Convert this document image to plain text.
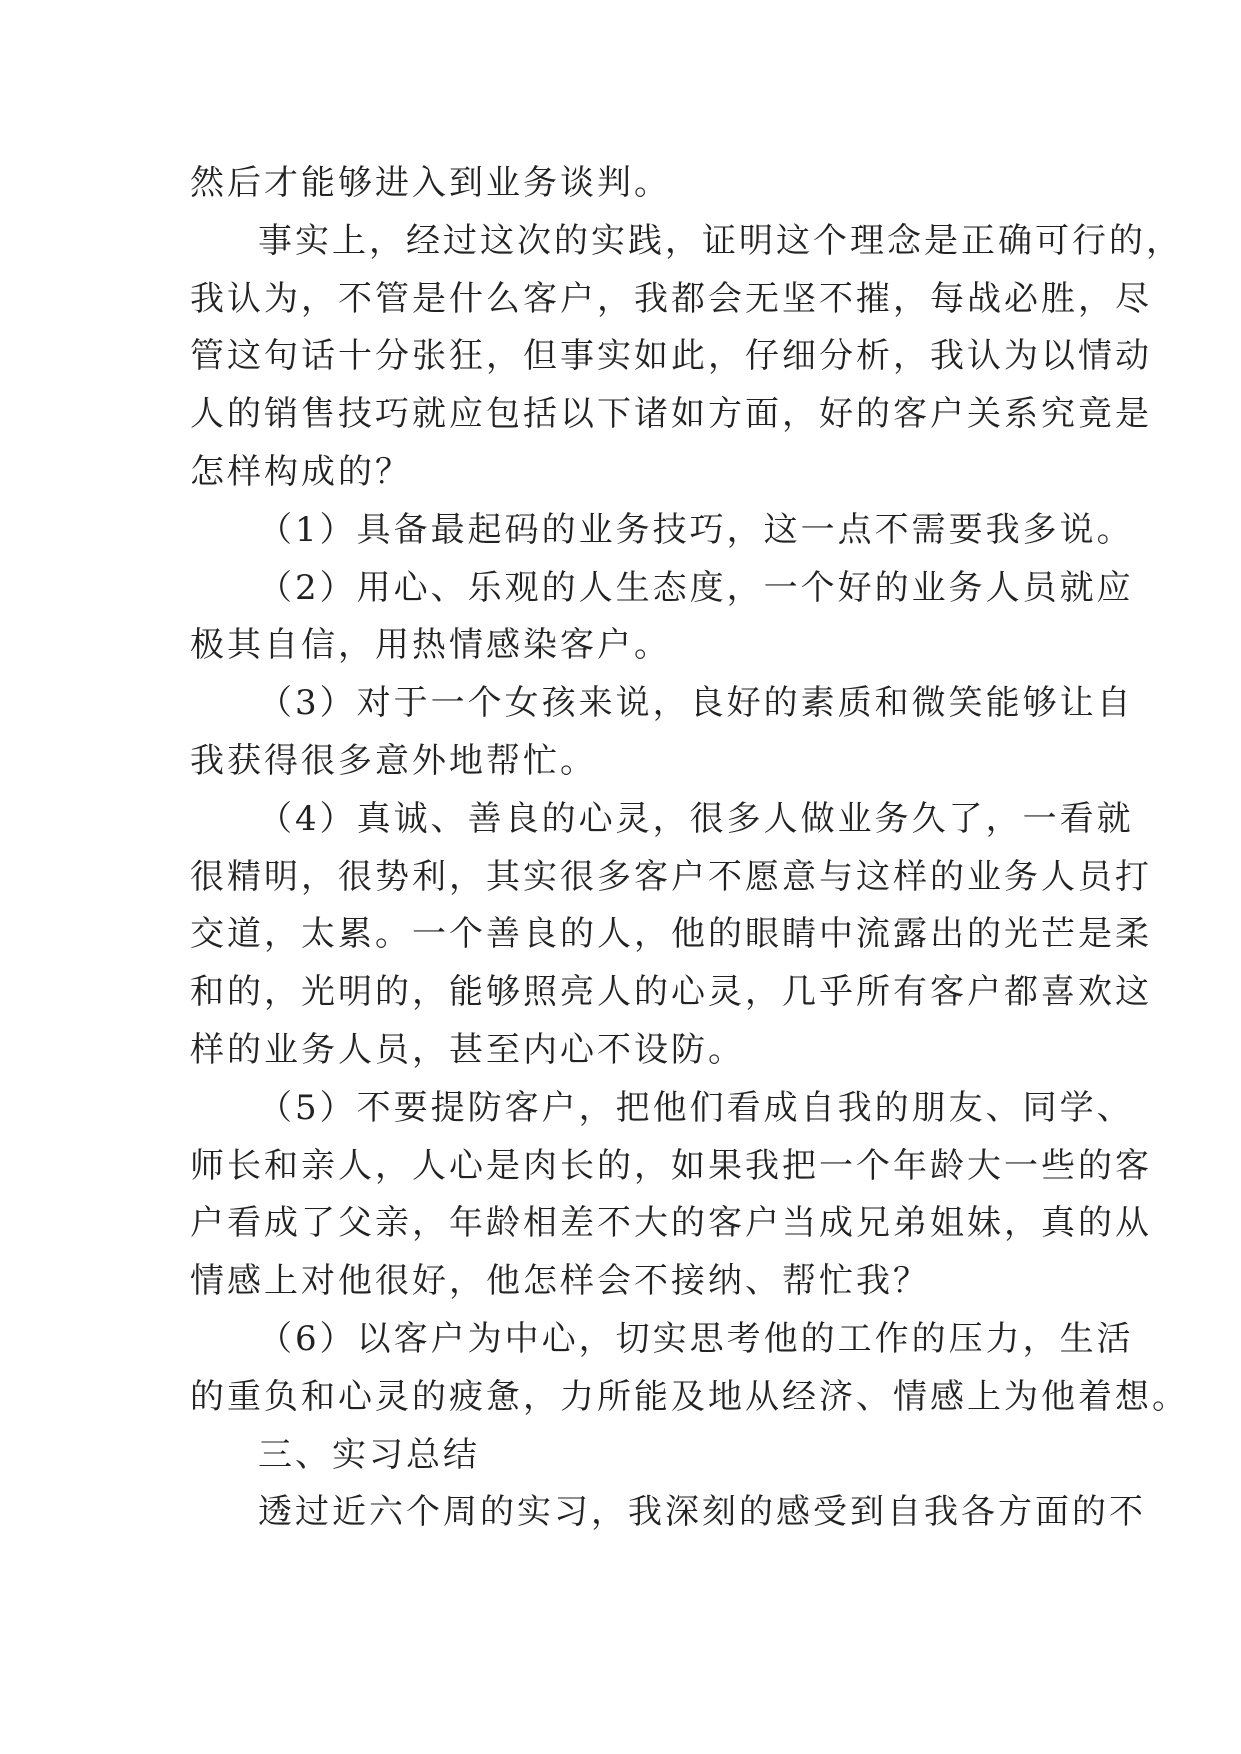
然后才能够进入到业务谈判。
事实上，经过这次的实践，证明这个理念是正确可行的，
我认为，不管是什么客户，我都会无坚不摧，每战必胜，尽
管这句话十分张狂，但事实如此，仔细分析，我认为以情动
人的销售技巧就应包括以下诸如方面，好的客户关系究竟是
怎样构成的？
（1）具备最起码的业务技巧，这一点不需要我多说。
（2）用心、乐观的人生态度，一个好的业务人员就应
极其自信，用热情感染客户。
（3）对于一个女孩来说，良好的素质和微笑能够让自
我获得很多意外地帮忙。
（4）真诚、善良的心灵，很多人做业务久了，一看就
很精明，很势利，其实很多客户不愿意与这样的业务人员打
交道，太累。一个善良的人，他的眼睛中流露出的光芒是柔
和的，光明的，能够照亮人的心灵，几乎所有客户都喜欢这
样的业务人员，甚至内心不设防。
（5）不要提防客户，把他们看成自我的朋友、同学、
师长和亲人，人心是肉长的，如果我把一个年龄大一些的客
户看成了父亲，年龄相差不大的客户当成兄弟姐妹，真的从
情感上对他很好，他怎样会不接纳、帮忙我？
（6）以客户为中心，切实思考他的工作的压力，生活
的重负和心灵的疲惫，力所能及地从经济、情感上为他着想。
三、实习总结
透过近六个周的实习，我深刻的感受到自我各方面的不
